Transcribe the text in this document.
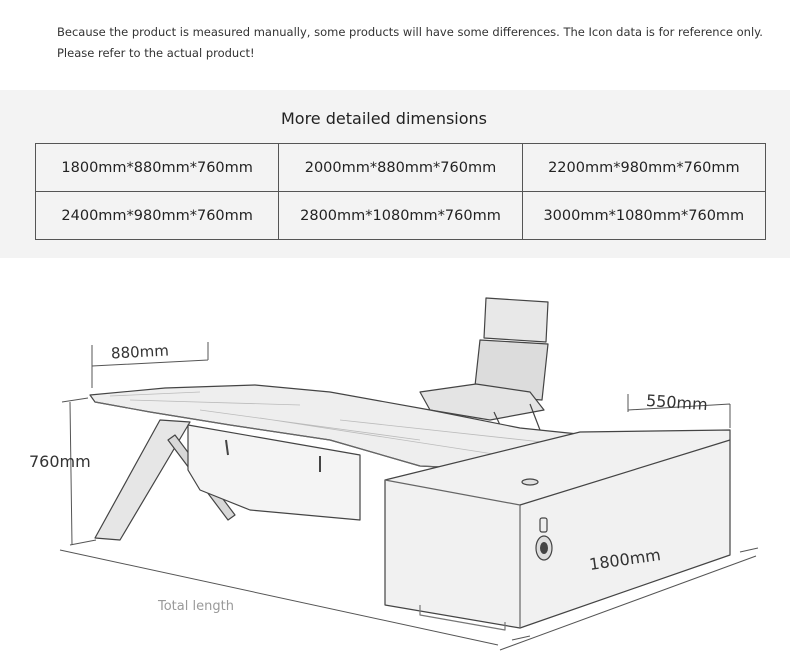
Because the product is measured manually, some products will have some differences. The Icon data is for reference only. Please refer to the actual product!

More detailed dimensions
1800mm*880mm*760mm	2000mm*880mm*760mm	2200mm*980mm*760mm
2400mm*980mm*760mm	2800mm*1080mm*760mm	3000mm*1080mm*760mm
880mm
760mm
550mm
1800mm
Total length
